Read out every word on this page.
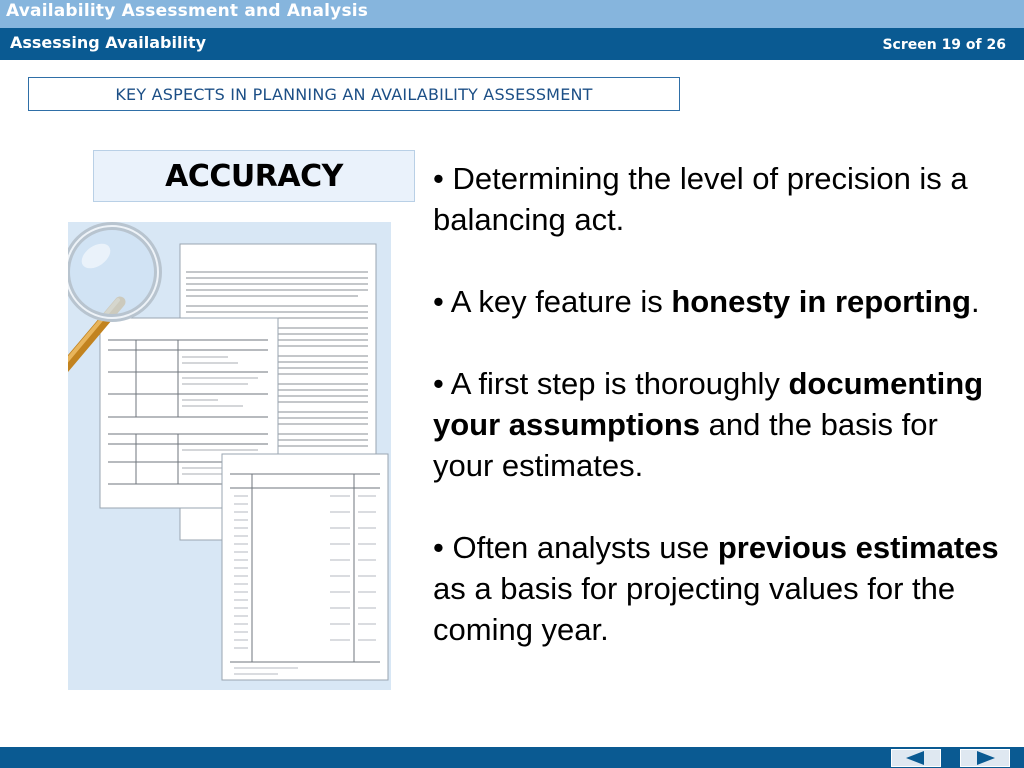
Availability Assessment and Analysis
Assessing Availability	Screen 19 of 26
KEY ASPECTS IN PLANNING AN AVAILABILITY ASSESSMENT
ACCURACY	• Determining the level of precision is a balancing act.

• A key feature is honesty in reporting.

• A first step is thoroughly documenting your assumptions and the basis for your estimates.

• Often analysts use previous estimates as a basis for projecting values for the coming year.
